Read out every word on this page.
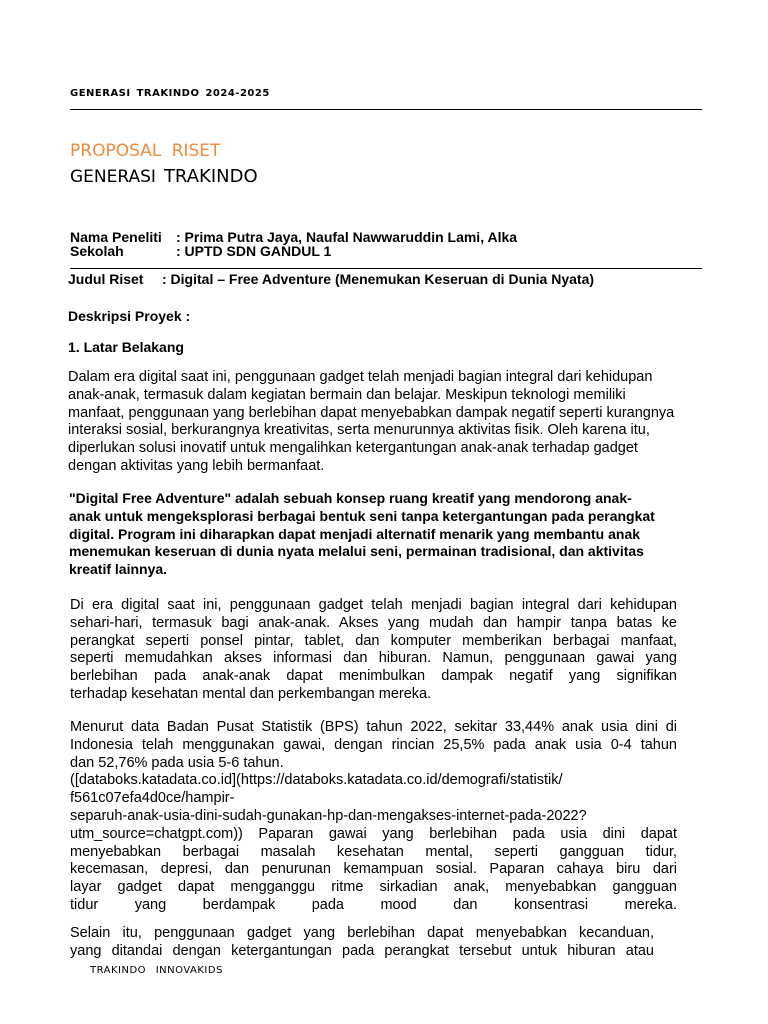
GENERASI TRAKINDO 2024-2025
PROPOSAL RISET
GENERASI TRAKINDO
Nama Peneliti : Prima Putra Jaya, Naufal Nawwaruddin Lami, Alka
Sekolah	: UPTD SDN GANDUL 1
Judul Riset : Digital – Free Adventure (Menemukan Keseruan di Dunia Nyata)
Deskripsi Proyek :
1. Latar Belakang
Dalam era digital saat ini, penggunaan gadget telah menjadi bagian integral dari kehidupan
anak-anak, termasuk dalam kegiatan bermain dan belajar. Meskipun teknologi memiliki
manfaat, penggunaan yang berlebihan dapat menyebabkan dampak negatif seperti kurangnya
interaksi sosial, berkurangnya kreativitas, serta menurunnya aktivitas fisik. Oleh karena itu,
diperlukan solusi inovatif untuk mengalihkan ketergantungan anak-anak terhadap gadget
dengan aktivitas yang lebih bermanfaat.
"Digital Free Adventure" adalah sebuah konsep ruang kreatif yang mendorong anak-
anak untuk mengeksplorasi berbagai bentuk seni tanpa ketergantungan pada perangkat
digital. Program ini diharapkan dapat menjadi alternatif menarik yang membantu anak
menemukan keseruan di dunia nyata melalui seni, permainan tradisional, dan aktivitas
kreatif lainnya.
Di era digital saat ini, penggunaan gadget telah menjadi bagian integral dari kehidupan
sehari-hari, termasuk bagi anak-anak. Akses yang mudah dan hampir tanpa batas ke
perangkat seperti ponsel pintar, tablet, dan komputer memberikan berbagai manfaat,
seperti memudahkan akses informasi dan hiburan. Namun, penggunaan gawai yang
berlebihan pada anak-anak dapat menimbulkan dampak negatif yang signifikan
terhadap kesehatan mental dan perkembangan mereka.
Menurut data Badan Pusat Statistik (BPS) tahun 2022, sekitar 33,44% anak usia dini di
Indonesia telah menggunakan gawai, dengan rincian 25,5% pada anak usia 0-4 tahun
dan 52,76% pada usia 5-6 tahun.
([databoks.katadata.co.id](https://databoks.katadata.co.id/demografi/statistik/
f561c07efa4d0ce/hampir-
separuh-anak-usia-dini-sudah-gunakan-hp-dan-mengakses-internet-pada-2022?
utm_source=chatgpt.com)) Paparan gawai yang berlebihan pada usia dini dapat
menyebabkan berbagai masalah kesehatan mental, seperti gangguan tidur,
kecemasan, depresi, dan penurunan kemampuan sosial. Paparan cahaya biru dari
layar gadget dapat mengganggu ritme sirkadian anak, menyebabkan gangguan
tidur yang berdampak pada mood dan konsentrasi mereka.
Selain itu, penggunaan gadget yang berlebihan dapat menyebabkan kecanduan,
yang ditandai dengan ketergantungan pada perangkat tersebut untuk hiburan atau
TRAKINDO INNOVAKIDS
